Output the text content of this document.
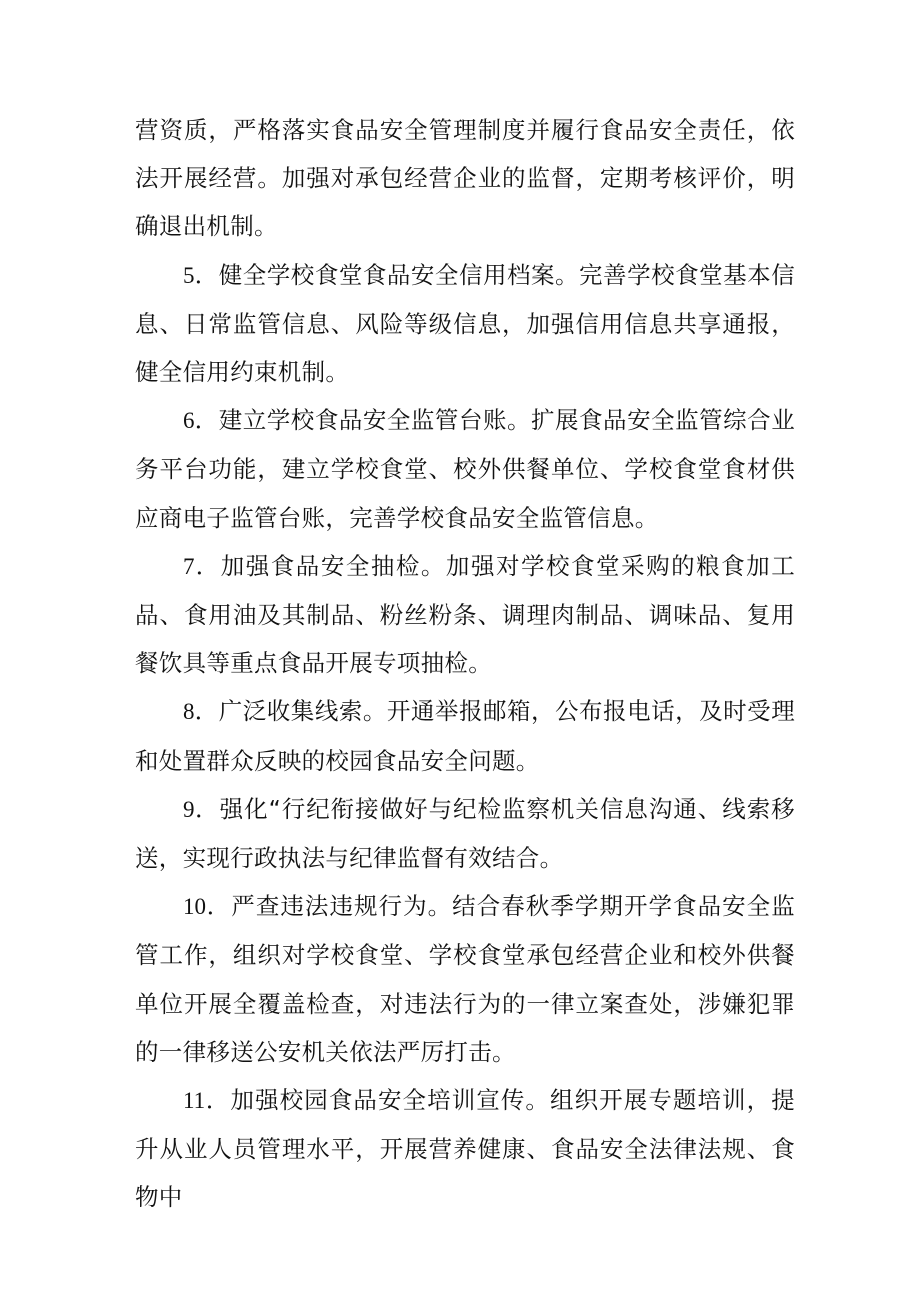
营资质，严格落实食品安全管理制度并履行食品安全责任，依法开展经营。加强对承包经营企业的监督，定期考核评价，明确退出机制。

5．健全学校食堂食品安全信用档案。完善学校食堂基本信息、日常监管信息、风险等级信息，加强信用信息共享通报，健全信用约束机制。

6．建立学校食品安全监管台账。扩展食品安全监管综合业务平台功能，建立学校食堂、校外供餐单位、学校食堂食材供应商电子监管台账，完善学校食品安全监管信息。

7．加强食品安全抽检。加强对学校食堂采购的粮食加工品、食用油及其制品、粉丝粉条、调理肉制品、调味品、复用餐饮具等重点食品开展专项抽检。

8．广泛收集线索。开通举报邮箱，公布报电话，及时受理和处置群众反映的校园食品安全问题。

9．强化“行纪衔接做好与纪检监察机关信息沟通、线索移送，实现行政执法与纪律监督有效结合。

10．严查违法违规行为。结合春秋季学期开学食品安全监管工作，组织对学校食堂、学校食堂承包经营企业和校外供餐单位开展全覆盖检查，对违法行为的一律立案查处，涉嫌犯罪的一律移送公安机关依法严厉打击。

11．加强校园食品安全培训宣传。组织开展专题培训，提升从业人员管理水平，开展营养健康、食品安全法律法规、食物中
